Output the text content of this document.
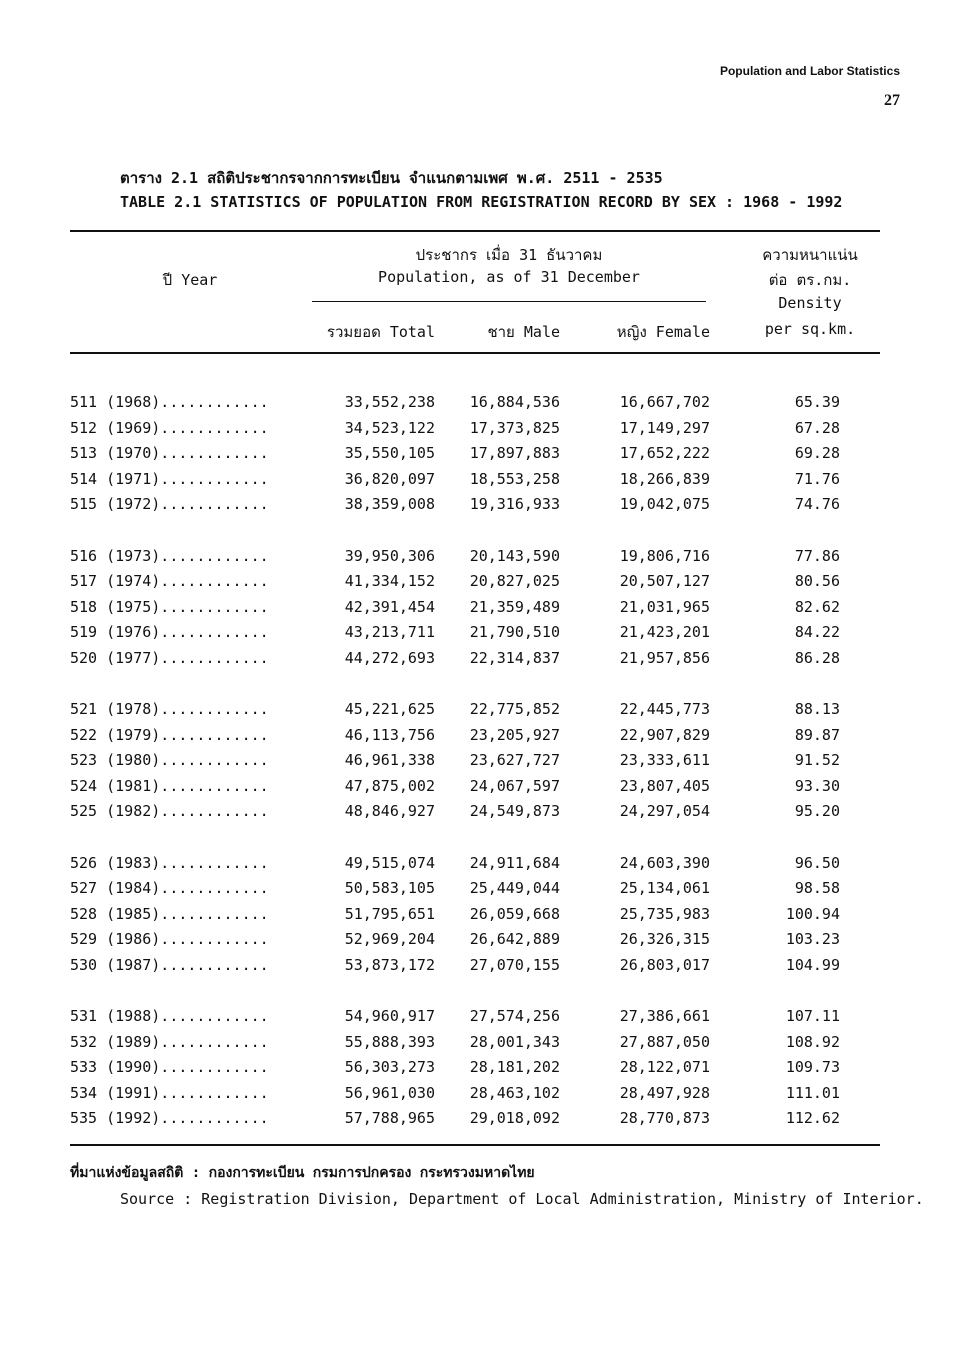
Population and Labor Statistics
27
ตาราง 2.1 สถิติประชากรจากการทะเบียน จำแนกตามเพศ พ.ศ. 2511 - 2535
TABLE 2.1 STATISTICS OF POPULATION FROM REGISTRATION RECORD BY SEX : 1968 - 1992
ปี Year
ประชากร เมื่อ 31 ธันวาคม
Population, as of 31 December
รวมยอด Total	ชาย Male	หญิง Female
ความหนาแน่น
ต่อ ตร.กม.
Density
per sq.km.
511 (1968)............	33,552,238	16,884,536	16,667,702	65.39
512 (1969)............	34,523,122	17,373,825	17,149,297	67.28
513 (1970)............	35,550,105	17,897,883	17,652,222	69.28
514 (1971)............	36,820,097	18,553,258	18,266,839	71.76
515 (1972)............	38,359,008	19,316,933	19,042,075	74.76
516 (1973)............	39,950,306	20,143,590	19,806,716	77.86
517 (1974)............	41,334,152	20,827,025	20,507,127	80.56
518 (1975)............	42,391,454	21,359,489	21,031,965	82.62
519 (1976)............	43,213,711	21,790,510	21,423,201	84.22
520 (1977)............	44,272,693	22,314,837	21,957,856	86.28
521 (1978)............	45,221,625	22,775,852	22,445,773	88.13
522 (1979)............	46,113,756	23,205,927	22,907,829	89.87
523 (1980)............	46,961,338	23,627,727	23,333,611	91.52
524 (1981)............	47,875,002	24,067,597	23,807,405	93.30
525 (1982)............	48,846,927	24,549,873	24,297,054	95.20
526 (1983)............	49,515,074	24,911,684	24,603,390	96.50
527 (1984)............	50,583,105	25,449,044	25,134,061	98.58
528 (1985)............	51,795,651	26,059,668	25,735,983	100.94
529 (1986)............	52,969,204	26,642,889	26,326,315	103.23
530 (1987)............	53,873,172	27,070,155	26,803,017	104.99
531 (1988)............	54,960,917	27,574,256	27,386,661	107.11
532 (1989)............	55,888,393	28,001,343	27,887,050	108.92
533 (1990)............	56,303,273	28,181,202	28,122,071	109.73
534 (1991)............	56,961,030	28,463,102	28,497,928	111.01
535 (1992)............	57,788,965	29,018,092	28,770,873	112.62
ที่มาแห่งข้อมูลสถิติ : กองการทะเบียน กรมการปกครอง กระทรวงมหาดไทย
Source : Registration Division, Department of Local Administration, Ministry of Interior.
